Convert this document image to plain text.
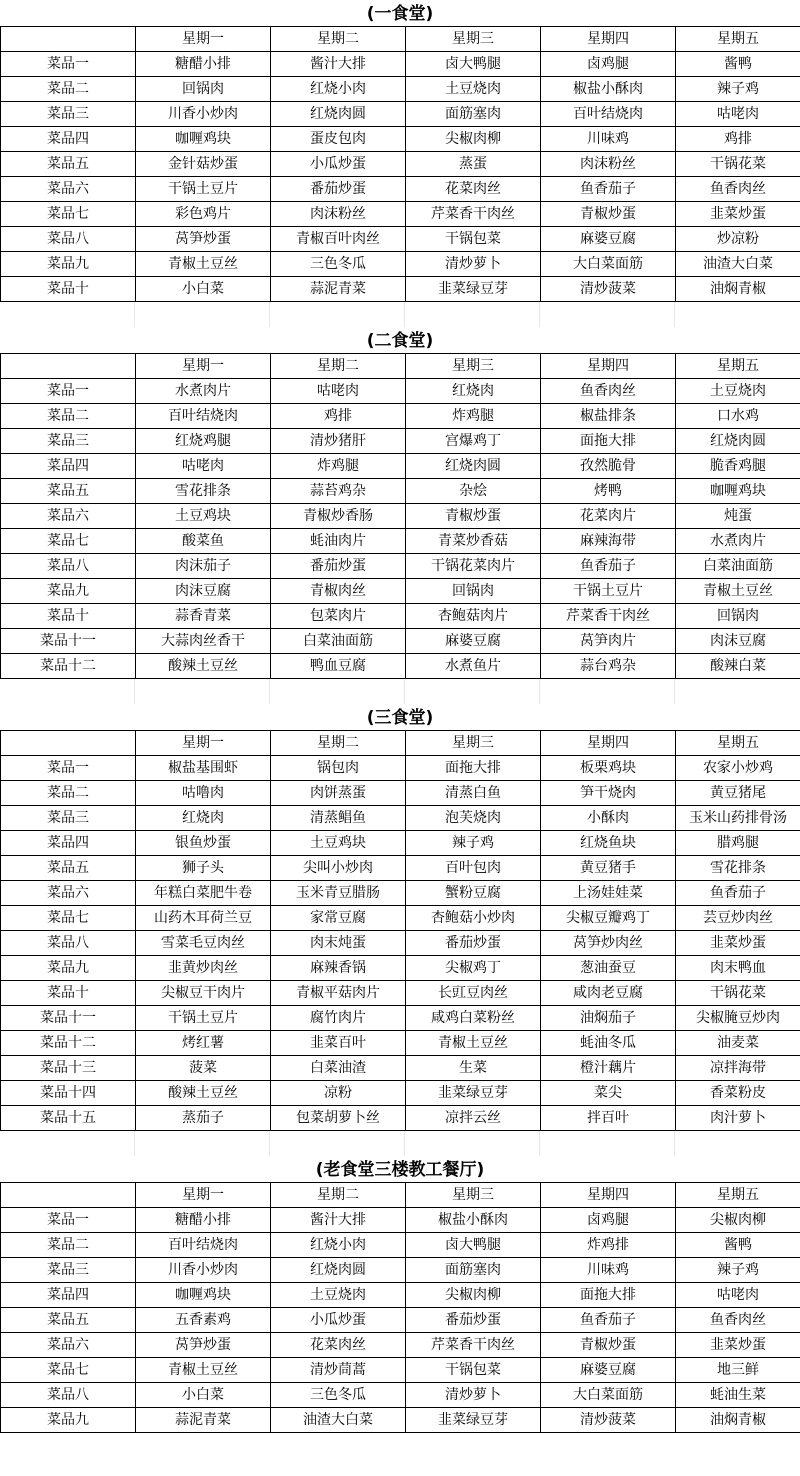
(一食堂)
	星期一	星期二	星期三	星期四	星期五
菜品一	糖醋小排	酱汁大排	卤大鸭腿	卤鸡腿	酱鸭
菜品二	回锅肉	红烧小肉	土豆烧肉	椒盐小酥肉	辣子鸡
菜品三	川香小炒肉	红烧肉圆	面筋塞肉	百叶结烧肉	咕咾肉
菜品四	咖喱鸡块	蛋皮包肉	尖椒肉柳	川味鸡	鸡排
菜品五	金针菇炒蛋	小瓜炒蛋	蒸蛋	肉沫粉丝	干锅花菜
菜品六	干锅土豆片	番茄炒蛋	花菜肉丝	鱼香茄子	鱼香肉丝
菜品七	彩色鸡片	肉沫粉丝	芹菜香干肉丝	青椒炒蛋	韭菜炒蛋
菜品八	莴笋炒蛋	青椒百叶肉丝	干锅包菜	麻婆豆腐	炒凉粉
菜品九	青椒土豆丝	三色冬瓜	清炒萝卜	大白菜面筋	油渣大白菜
菜品十	小白菜	蒜泥青菜	韭菜绿豆芽	清炒菠菜	油焖青椒
(二食堂)
	星期一	星期二	星期三	星期四	星期五
菜品一	水煮肉片	咕咾肉	红烧肉	鱼香肉丝	土豆烧肉
菜品二	百叶结烧肉	鸡排	炸鸡腿	椒盐排条	口水鸡
菜品三	红烧鸡腿	清炒猪肝	宫爆鸡丁	面拖大排	红烧肉圆
菜品四	咕咾肉	炸鸡腿	红烧肉圆	孜然脆骨	脆香鸡腿
菜品五	雪花排条	蒜苔鸡杂	杂烩	烤鸭	咖喱鸡块
菜品六	土豆鸡块	青椒炒香肠	青椒炒蛋	花菜肉片	炖蛋
菜品七	酸菜鱼	蚝油肉片	青菜炒香菇	麻辣海带	水煮肉片
菜品八	肉沫茄子	番茄炒蛋	干锅花菜肉片	鱼香茄子	白菜油面筋
菜品九	肉沫豆腐	青椒肉丝	回锅肉	干锅土豆片	青椒土豆丝
菜品十	蒜香青菜	包菜肉片	杏鲍菇肉片	芹菜香干肉丝	回锅肉
菜品十一	大蒜肉丝香干	白菜油面筋	麻婆豆腐	莴笋肉片	肉沫豆腐
菜品十二	酸辣土豆丝	鸭血豆腐	水煮鱼片	蒜台鸡杂	酸辣白菜
(三食堂)
	星期一	星期二	星期三	星期四	星期五
菜品一	椒盐基围虾	锅包肉	面拖大排	板栗鸡块	农家小炒鸡
菜品二	咕噜肉	肉饼蒸蛋	清蒸白鱼	笋干烧肉	黄豆猪尾
菜品三	红烧肉	清蒸鲳鱼	泡芙烧肉	小酥肉	玉米山药排骨汤
菜品四	银鱼炒蛋	土豆鸡块	辣子鸡	红烧鱼块	腊鸡腿
菜品五	狮子头	尖叫小炒肉	百叶包肉	黄豆猪手	雪花排条
菜品六	年糕白菜肥牛卷	玉米青豆腊肠	蟹粉豆腐	上汤娃娃菜	鱼香茄子
菜品七	山药木耳荷兰豆	家常豆腐	杏鲍菇小炒肉	尖椒豆瓣鸡丁	芸豆炒肉丝
菜品八	雪菜毛豆肉丝	肉末炖蛋	番茄炒蛋	莴笋炒肉丝	韭菜炒蛋
菜品九	韭黄炒肉丝	麻辣香锅	尖椒鸡丁	葱油蚕豆	肉末鸭血
菜品十	尖椒豆干肉片	青椒平菇肉片	长豇豆肉丝	咸肉老豆腐	干锅花菜
菜品十一	干锅土豆片	腐竹肉片	咸鸡白菜粉丝	油焖茄子	尖椒腌豆炒肉
菜品十二	烤红薯	韭菜百叶	青椒土豆丝	蚝油冬瓜	油麦菜
菜品十三	菠菜	白菜油渣	生菜	橙汁藕片	凉拌海带
菜品十四	酸辣土豆丝	凉粉	韭菜绿豆芽	菜尖	香菜粉皮
菜品十五	蒸茄子	包菜胡萝卜丝	凉拌云丝	拌百叶	肉汁萝卜
(老食堂三楼教工餐厅)
	星期一	星期二	星期三	星期四	星期五
菜品一	糖醋小排	酱汁大排	椒盐小酥肉	卤鸡腿	尖椒肉柳
菜品二	百叶结烧肉	红烧小肉	卤大鸭腿	炸鸡排	酱鸭
菜品三	川香小炒肉	红烧肉圆	面筋塞肉	川味鸡	辣子鸡
菜品四	咖喱鸡块	土豆烧肉	尖椒肉柳	面拖大排	咕咾肉
菜品五	五香素鸡	小瓜炒蛋	番茄炒蛋	鱼香茄子	鱼香肉丝
菜品六	莴笋炒蛋	花菜肉丝	芹菜香干肉丝	青椒炒蛋	韭菜炒蛋
菜品七	青椒土豆丝	清炒茼蒿	干锅包菜	麻婆豆腐	地三鲜
菜品八	小白菜	三色冬瓜	清炒萝卜	大白菜面筋	蚝油生菜
菜品九	蒜泥青菜	油渣大白菜	韭菜绿豆芽	清炒菠菜	油焖青椒
